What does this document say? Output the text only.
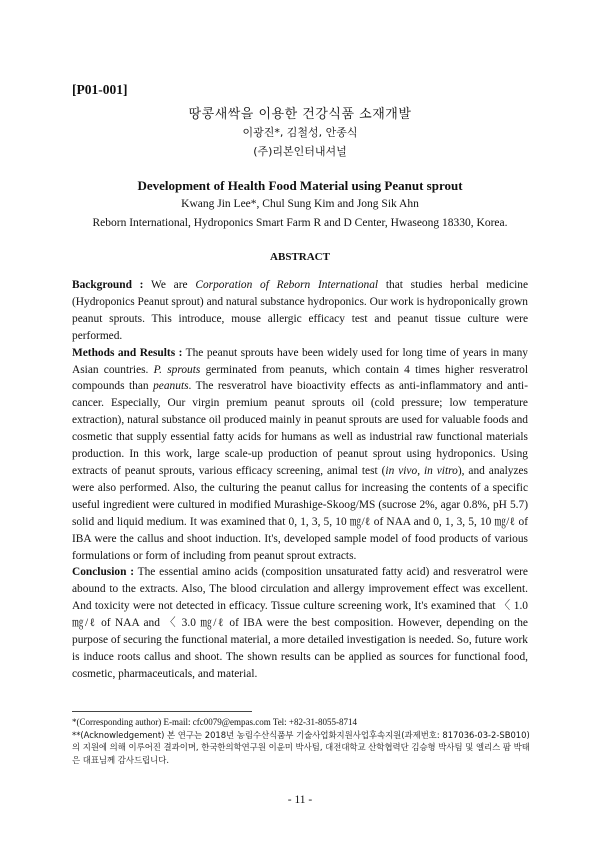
[P01-001]
땅콩새싹을 이용한 건강식품 소재개발
이광진*, 김철성, 안종식
(주)리본인터내셔널
Development of Health Food Material using Peanut sprout
Kwang Jin Lee*, Chul Sung Kim and Jong Sik Ahn
Reborn International, Hydroponics Smart Farm R and D Center, Hwaseong 18330, Korea.
ABSTRACT

Background : We are Corporation of Reborn International that studies herbal medicine (Hydroponics Peanut sprout) and natural substance hydroponics. Our work is hydroponically grown peanut sprouts. This introduce, mouse allergic efficacy test and peanut tissue culture were performed.

Methods and Results : The peanut sprouts have been widely used for long time of years in many Asian countries. P. sprouts germinated from peanuts, which contain 4 times higher resveratrol compounds than peanuts. The resveratrol have bioactivity effects as anti-inflammatory and anti-cancer. Especially, Our virgin premium peanut sprouts oil (cold pressure; low temperature extraction), natural substance oil produced mainly in peanut sprouts are used for valuable foods and cosmetic that supply essential fatty acids for humans as well as industrial raw functional materials production. In this work, large scale-up production of peanut sprout using hydroponics. Using extracts of peanut sprouts, various efficacy screening, animal test (in vivo, in vitro), and analyzes were also performed. Also, the culturing the peanut callus for increasing the contents of a specific useful ingredient were cultured in modified Murashige-Skoog/MS (sucrose 2%, agar 0.8%, pH 5.7) solid and liquid medium. It was examined that 0, 1, 3, 5, 10 ㎎/ℓ of NAA and 0, 1, 3, 5, 10 ㎎/ℓ of IBA were the callus and shoot induction. It's, developed sample model of food products of various formulations or form of including from peanut sprout extracts.

Conclusion : The essential amino acids (composition unsaturated fatty acid) and resveratrol were abound to the extracts. Also, The blood circulation and allergy improvement effect was excellent. And toxicity were not detected in efficacy. Tissue culture screening work, It's examined that 〈 1.0 ㎎/ℓ of NAA and 〈 3.0 ㎎/ℓ of IBA were the best composition. However, depending on the purpose of securing the functional material, a more detailed investigation is needed. So, future work is induce roots callus and shoot. The shown results can be applied as sources for functional food, cosmetic, pharmaceuticals, and material.

*(Corresponding author) E-mail: cfc0079@empas.com Tel: +82-31-8055-8714

**(Acknowledgement) 본 연구는 2018년 농림수산식품부 기술사업화지원사업후속지원(과제번호: 817036-03-2-SB010)의 지원에 의해 이루어진 결과이며, 한국한의학연구원 이윤미 박사팀, 대전대학교 산학협력단 김승형 박사팀 및 엘리스 팜 박태은 대표님께 감사드립니다.

- 11 -
